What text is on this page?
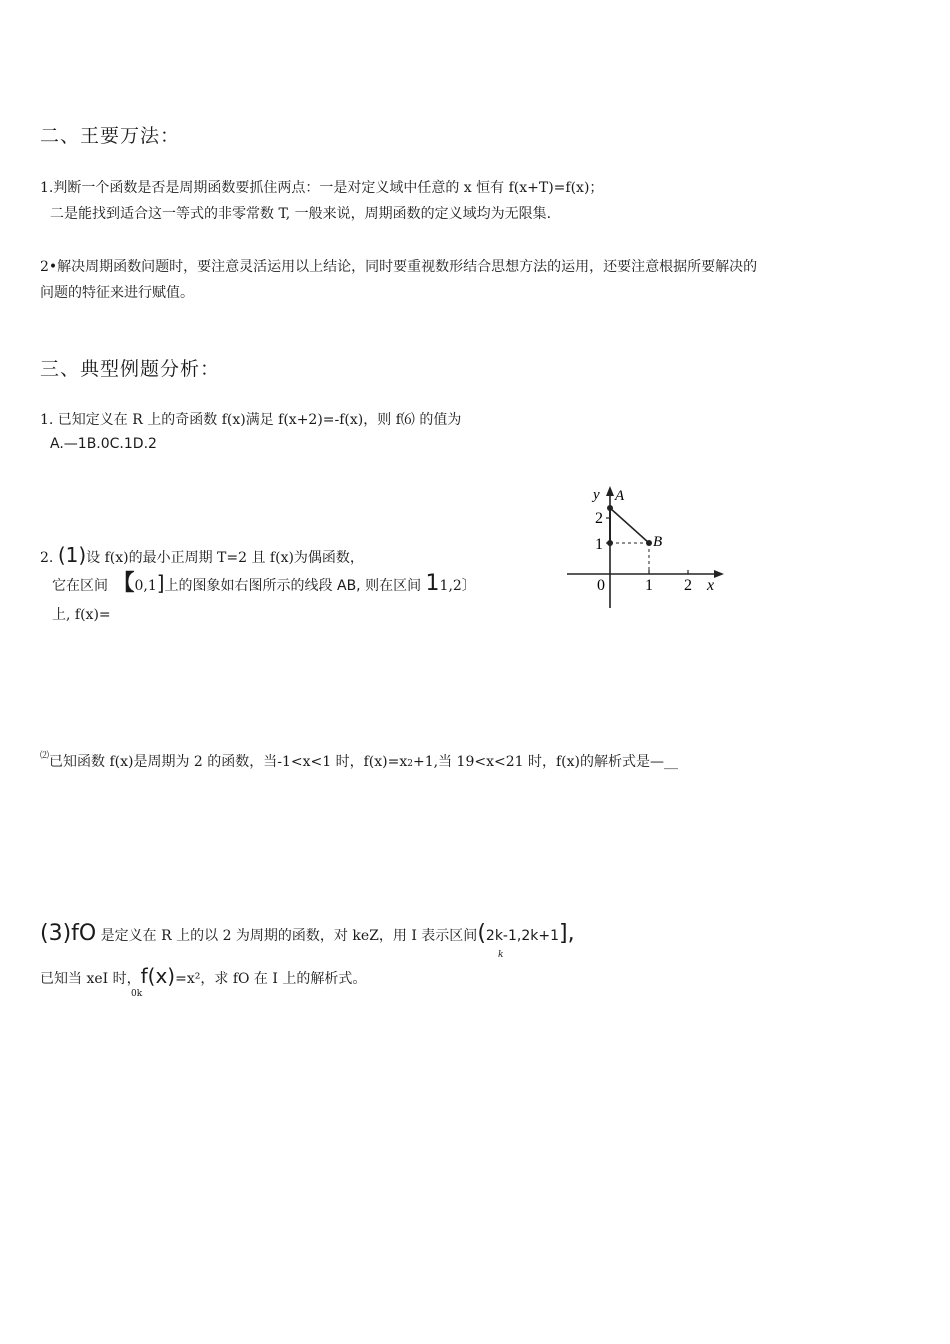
二、王要万法：
1.判断一个函数是否是周期函数要抓住两点：一是对定义域中任意的 x 恒有 f(x+T)=f(x)；
二是能找到适合这一等式的非零常数 T, 一般来说，周期函数的定义域均为无限集.
2•解决周期函数问题时，要注意灵活运用以上结论，同时要重视数形结合思想方法的运用，还要注意根据所要解决的
问题的特征来进行赋值。
三、典型例题分析：
1. 已知定义在 R 上的奇函数 f(x)满足 f(x+2)=-f(x)，则 f⑹ 的值为
A.—1B.0C.1D.2
2. (1)设 f(x)的最小正周期 T=2 且 f(x)为偶函数，
它在区间 【0,1]上的图象如右图所示的线段 AB, 则在区间 11,2〕
上, f(x)=
y A
2
1	B
0	1 2 x
⑵已知函数 f(x)是周期为 2 的函数，当-1<x<1 时，f(x)=x2+1,当 19<x<21 时，f(x)的解析式是—__
(3)fO 是定义在 R 上的以 2 为周期的函数，对 keZ，用 I 表示区间(2k-1,2k+1],
k
已知当 xeI 时，f(x)=x²，求 fO 在 I 上的解析式。
0k
